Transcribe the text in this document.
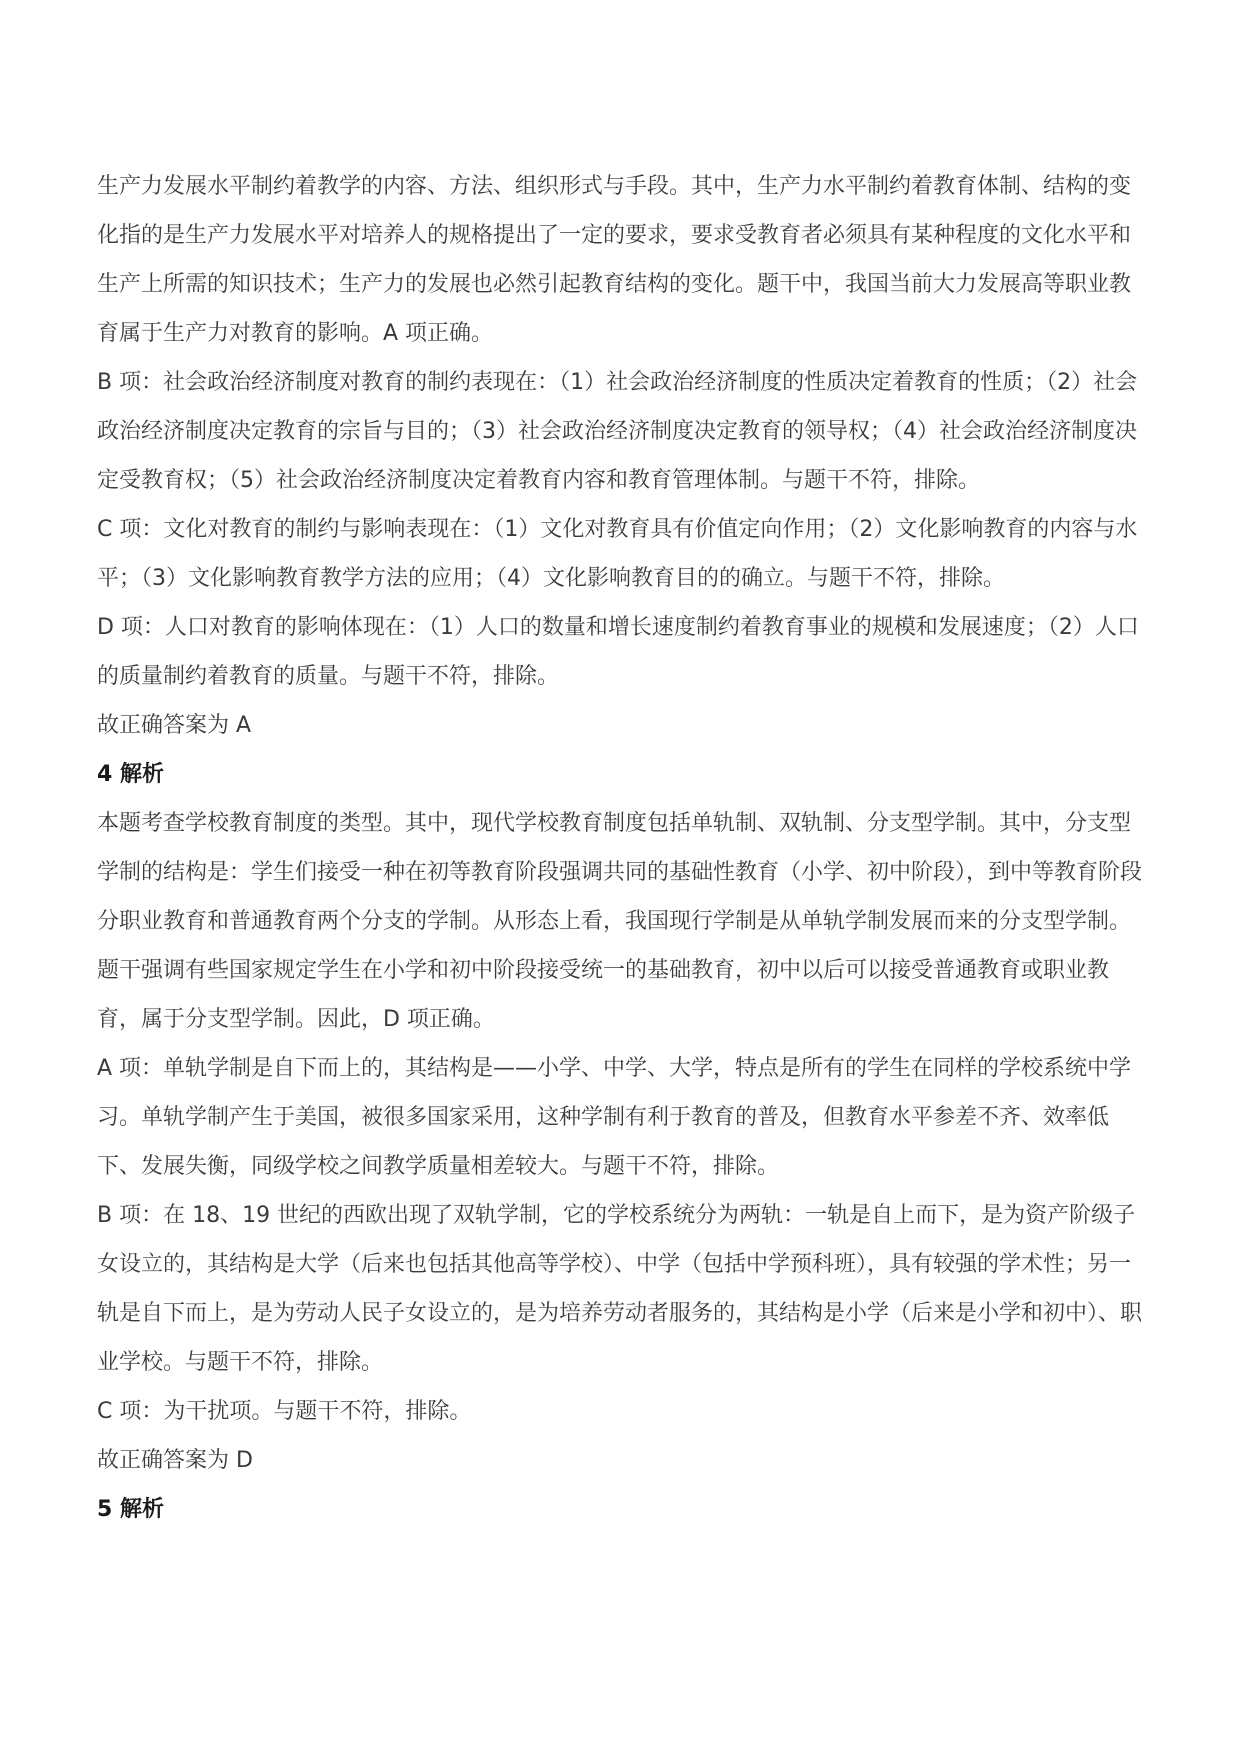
生产力发展水平制约着教学的内容、方法、组织形式与手段。其中，生产力水平制约着教育体制、结构的变化指的是生产力发展水平对培养人的规格提出了一定的要求，要求受教育者必须具有某种程度的文化水平和生产上所需的知识技术；生产力的发展也必然引起教育结构的变化。题干中，我国当前大力发展高等职业教育属于生产力对教育的影响。A 项正确。

B 项：社会政治经济制度对教育的制约表现在：（1）社会政治经济制度的性质决定着教育的性质；（2）社会政治经济制度决定教育的宗旨与目的；（3）社会政治经济制度决定教育的领导权；（4）社会政治经济制度决定受教育权；（5）社会政治经济制度决定着教育内容和教育管理体制。与题干不符，排除。

C 项：文化对教育的制约与影响表现在：（1）文化对教育具有价值定向作用；（2）文化影响教育的内容与水平；（3）文化影响教育教学方法的应用；（4）文化影响教育目的的确立。与题干不符，排除。

D 项：人口对教育的影响体现在：（1）人口的数量和增长速度制约着教育事业的规模和发展速度；（2）人口的质量制约着教育的质量。与题干不符，排除。

故正确答案为 A

4 解析

本题考查学校教育制度的类型。其中，现代学校教育制度包括单轨制、双轨制、分支型学制。其中，分支型学制的结构是：学生们接受一种在初等教育阶段强调共同的基础性教育（小学、初中阶段），到中等教育阶段分职业教育和普通教育两个分支的学制。从形态上看，我国现行学制是从单轨学制发展而来的分支型学制。题干强调有些国家规定学生在小学和初中阶段接受统一的基础教育，初中以后可以接受普通教育或职业教育，属于分支型学制。因此，D 项正确。

A 项：单轨学制是自下而上的，其结构是——小学、中学、大学，特点是所有的学生在同样的学校系统中学习。单轨学制产生于美国，被很多国家采用，这种学制有利于教育的普及，但教育水平参差不齐、效率低下、发展失衡，同级学校之间教学质量相差较大。与题干不符，排除。

B 项：在 18、19 世纪的西欧出现了双轨学制，它的学校系统分为两轨：一轨是自上而下，是为资产阶级子女设立的，其结构是大学（后来也包括其他高等学校）、中学（包括中学预科班），具有较强的学术性；另一轨是自下而上，是为劳动人民子女设立的，是为培养劳动者服务的，其结构是小学（后来是小学和初中）、职业学校。与题干不符，排除。

C 项：为干扰项。与题干不符，排除。

故正确答案为 D

5 解析
